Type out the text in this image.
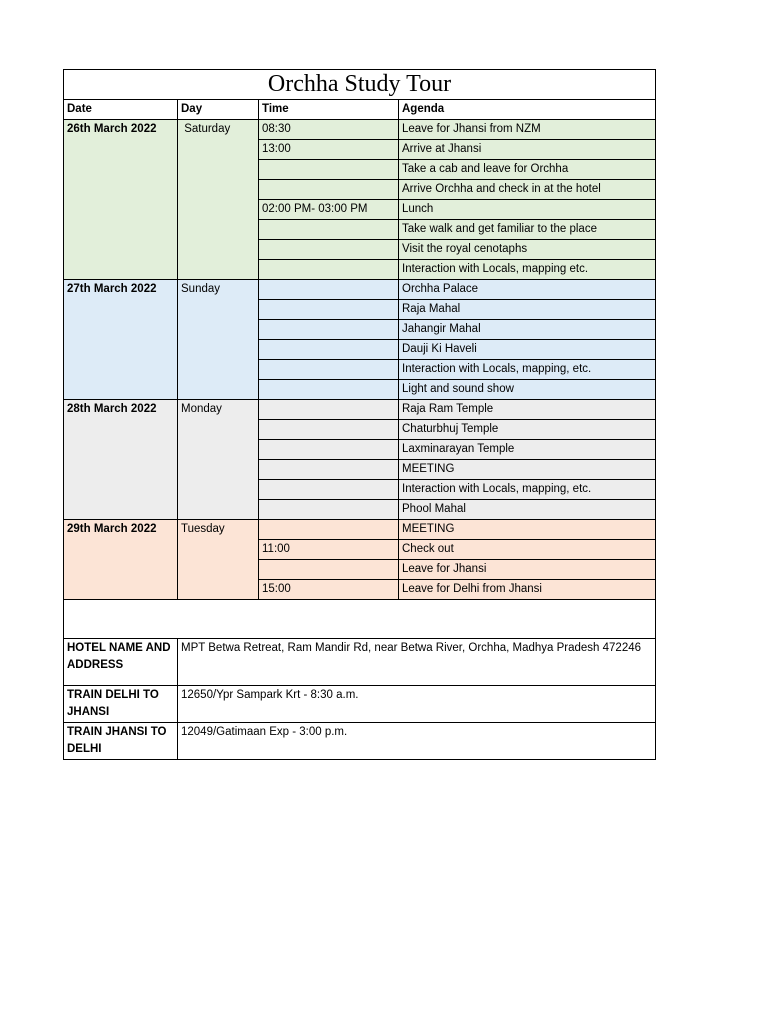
Orchha Study Tour			
Date	Day	Time	Agenda
26th March 2022	Saturday	08:30	Leave for Jhansi from NZM
		13:00	Arrive at Jhansi
			Take a cab and leave for Orchha
			Arrive Orchha and check in at the hotel
		02:00 PM- 03:00 PM	Lunch
			Take walk and get familiar to the place
			Visit the royal cenotaphs
			Interaction with Locals, mapping etc.
27th March 2022	Sunday		Orchha Palace
			Raja Mahal
			Jahangir Mahal
			Dauji Ki Haveli
			Interaction with Locals, mapping, etc.
			Light and sound show
28th March 2022	Monday		Raja Ram Temple
			Chaturbhuj Temple
			Laxminarayan Temple
			MEETING
			Interaction with Locals, mapping, etc.
			Phool Mahal
29th March 2022	Tuesday		MEETING
		11:00	Check out
			Leave for Jhansi
		15:00	Leave for Delhi from Jhansi

HOTEL NAME AND ADDRESS	MPT Betwa Retreat, Ram Mandir Rd, near Betwa River, Orchha, Madhya Pradesh 472246		
TRAIN DELHI TO JHANSI	12650/Ypr Sampark Krt - 8:30 a.m.		
TRAIN JHANSI TO DELHI	12049/Gatimaan Exp - 3:00 p.m.		
